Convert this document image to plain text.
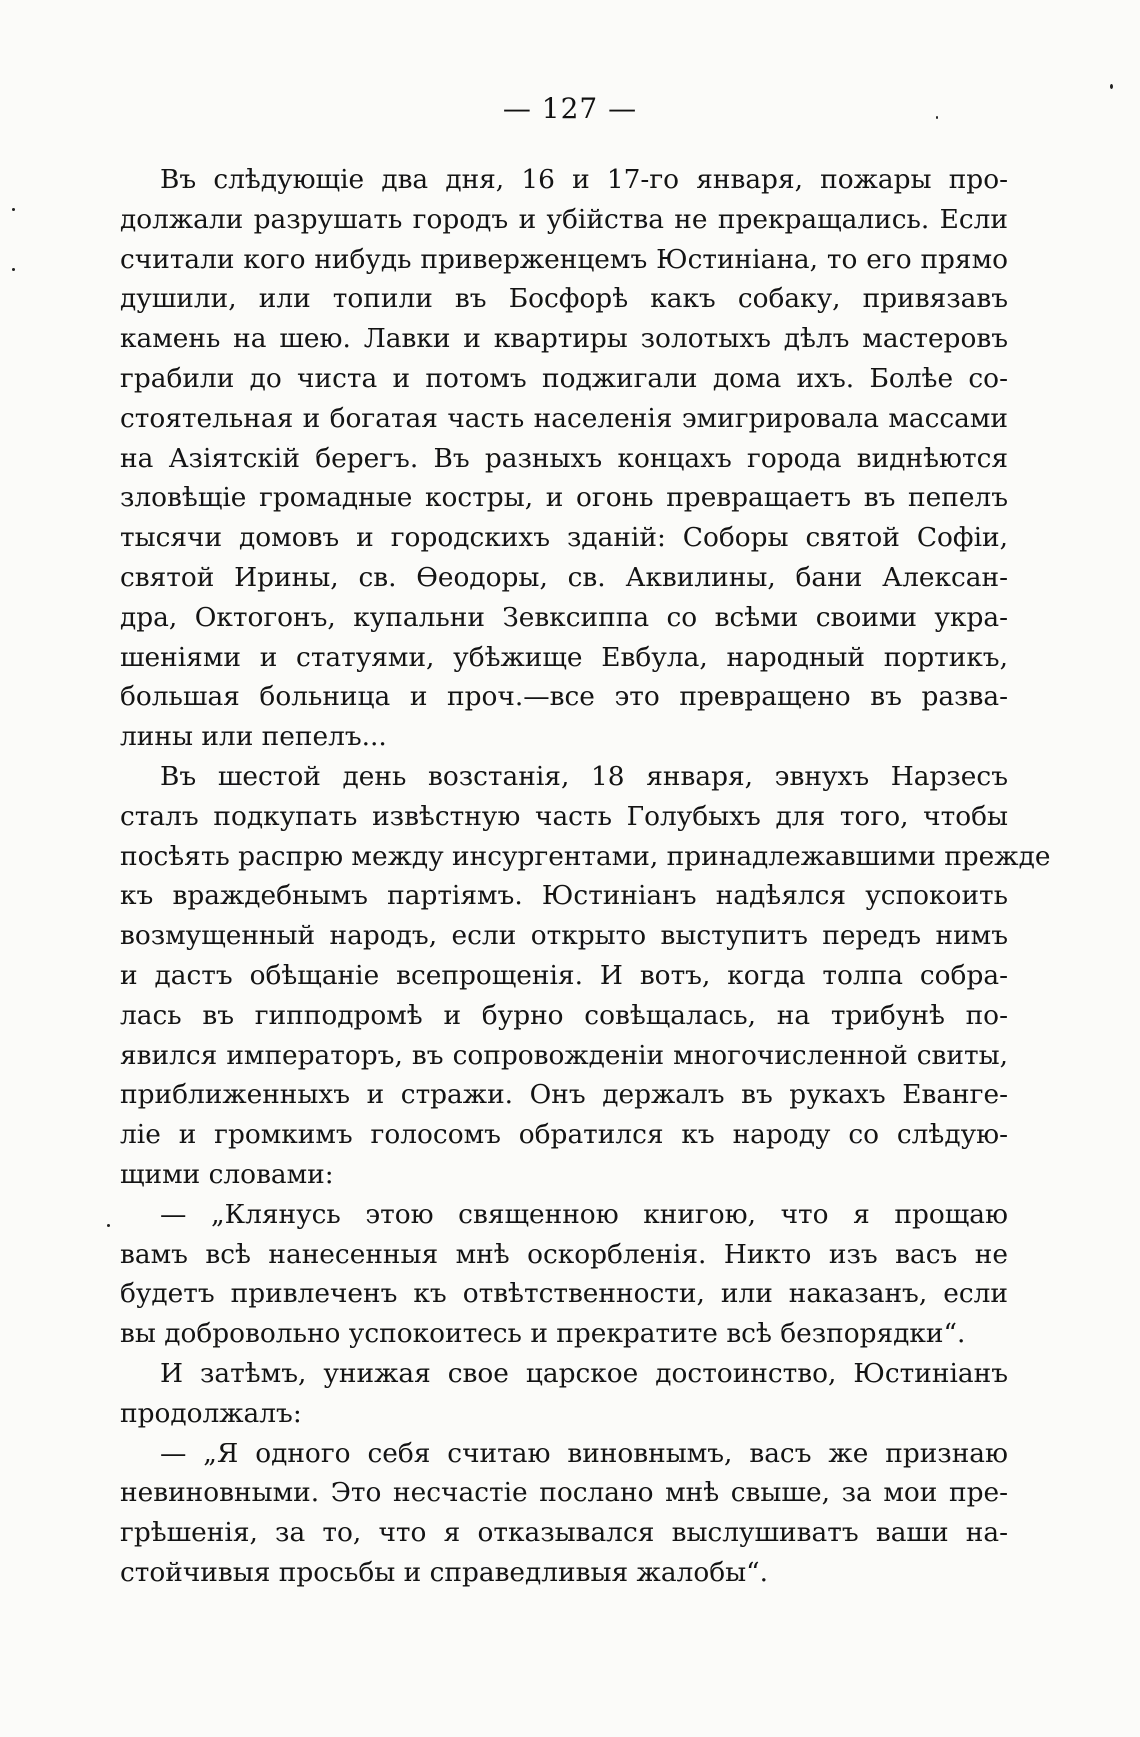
— 127 —
Въ слѣдующіе два дня, 16 и 17-го января, пожары про-
должали разрушать городъ и убійства не прекращались. Если
считали кого нибудь приверженцемъ Юстиніана, то его прямо
душили, или топили въ Босфорѣ какъ собаку, привязавъ
камень на шею. Лавки и квартиры золотыхъ дѣлъ мастеровъ
грабили до чиста и потомъ поджигали дома ихъ. Болѣе со-
стоятельная и богатая часть населенія эмигрировала массами
на Азіятскій берегъ. Въ разныхъ концахъ города виднѣются
зловѣщіе громадные костры, и огонь превращаетъ въ пепелъ
тысячи домовъ и городскихъ зданій: Соборы святой Софіи,
святой Ирины, св. Ѳеодоры, св. Аквилины, бани Алексан-
дра, Октогонъ, купальни Зевксиппа со всѣми своими укра-
шеніями и статуями, убѣжище Евбула, народный портикъ,
большая больница и проч.—все это превращено въ разва-
лины или пепелъ...
Въ шестой день возстанія, 18 января, эвнухъ Нарзесъ
сталъ подкупать извѣстную часть Голубыхъ для того, чтобы
посѣять распрю между инсургентами, принадлежавшими прежде
къ враждебнымъ партіямъ. Юстиніанъ надѣялся успокоить
возмущенный народъ, если открыто выступитъ передъ нимъ
и дастъ обѣщаніе всепрощенія. И вотъ, когда толпа собра-
лась въ гипподромѣ и бурно совѣщалась, на трибунѣ по-
явился императоръ, въ сопровожденіи многочисленной свиты,
приближенныхъ и стражи. Онъ держалъ въ рукахъ Еванге-
ліе и громкимъ голосомъ обратился къ народу со слѣдую-
щими словами:
— „Клянусь этою священною книгою, что я прощаю
вамъ всѣ нанесенныя мнѣ оскорбленія. Никто изъ васъ не
будетъ привлеченъ къ отвѣтственности, или наказанъ, если
вы добровольно успокоитесь и прекратите всѣ безпорядки“.
И затѣмъ, унижая свое царское достоинство, Юстиніанъ
продолжалъ:
— „Я одного себя считаю виновнымъ, васъ же признаю
невиновными. Это несчастіе послано мнѣ свыше, за мои пре-
грѣшенія, за то, что я отказывался выслушиватъ ваши на-
стойчивыя просьбы и справедливыя жалобы“.
